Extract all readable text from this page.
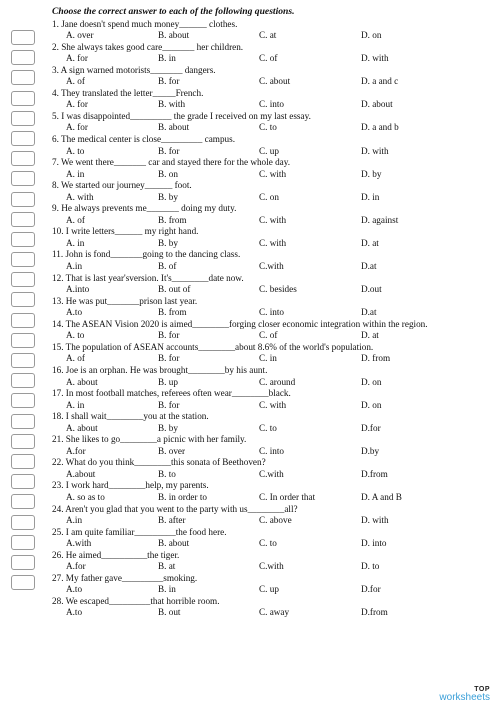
Choose the correct answer to each of the following questions.
1. Jane doesn't spend much money______ clothes.
A. over	B. about	C. at	D. on
2. She always takes good care_______ her children.
A. for	B. in	C. of	D. with
3. A sign warned motorists_______ dangers.
A. of	B. for	C. about	D. a and c
4. They translated the letter_____French.
A. for	B. with	C. into	D. about
5. I was disappointed_________ the grade I received on my last essay.
A. for	B. about	C. to	D. a and b
6. The medical center is close_________ campus.
A. to	B. for	C. up	D. with
7. We went there_______ car and stayed there for the whole day.
A. in	B. on	C. with	D. by
8. We started our journey______ foot.
A. with	B. by	C. on	D. in
9. He always prevents me_______ doing my duty.
A. of	B. from	C. with	D. against
10. I write letters______ my right hand.
A. in	B. by	C. with	D. at
11. John is fond_______going to the dancing class.
A.in	B. of	C.with	D.at
12. That is last year'sversion. It's________date now.
A.into	B. out of	C. besides	D.out
13. He was put_______prison last year.
A.to	B. from	C. into	D.at
14. The ASEAN Vision 2020 is aimed________forging closer economic integration within the region.
A. to	B. for	C. of	D. at
15. The population of ASEAN accounts________about 8.6% of the world's population.
A. of	B. for	C. in	D. from
16. Joe is an orphan. He was brought________by his aunt.
A. about	B. up	C. around	D. on
17. In most football matches, referees often wear________black.
A. in	B. for	C. with	D. on
18. I shall wait________you at the station.
A. about	B. by	C. to	D.for
21. She likes to go________a picnic with her family.
A.for	B. over	C. into	D.by
22. What do you think________this sonata of Beethoven?
A.about	B. to	C.with	D.from
23. I work hard________help, my parents.
A. so as to	B. in order to	C. In order that	D. A and B
24. Aren't you glad that you went to the party with us________all?
A.in	B. after	C. above	D. with
25. I am quite familiar_________the food here.
A.with	B. about	C. to	D. into
26. He aimed__________the tiger.
A.for	B. at	C.with	D. to
27. My father gave_________smoking.
A.to	B. in	C. up	D.for
28. We escaped_________that horrible room.
A.to	B. out	C. away	D.from
TOP
worksheets
